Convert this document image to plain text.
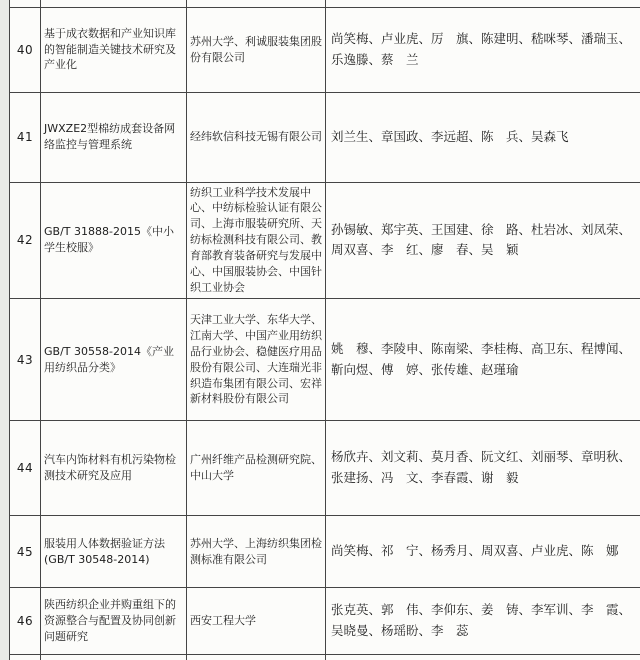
40	基于成衣数据和产业知识库的智能制造关键技术研究及产业化	苏州大学、利诚服装集团股份有限公司	尚笑梅、卢业虎、厉　旗、陈建明、嵇咪琴、潘瑞玉、乐逸滕、蔡　兰
41	JWXZE2型棉纺成套设备网络监控与管理系统	经纬软信科技无锡有限公司	刘兰生、章国政、李远超、陈　兵、吴森飞
42	GB/T 31888-2015《中小学生校服》	纺织工业科学技术发展中心、中纺标检验认证有限公司、上海市服装研究所、天纺标检测科技有限公司、教育部教育装备研究与发展中心、中国服装协会、中国针织工业协会	孙锡敏、郑宇英、王国建、徐　路、杜岩冰、刘凤荣、周双喜、李　红、廖　春、吴　颖
43	GB/T 30558-2014《产业用纺织品分类》	天津工业大学、东华大学、江南大学、中国产业用纺织品行业协会、稳健医疗用品股份有限公司、大连瑞光非织造布集团有限公司、宏祥新材料股份有限公司	姚　穆、李陵申、陈南梁、李桂梅、高卫东、程博闻、靳向煜、傅　婷、张传雄、赵瑾瑜
44	汽车内饰材料有机污染物检测技术研究及应用	广州纤维产品检测研究院、中山大学	杨欣卉、刘文莉、莫月香、阮文红、刘丽琴、章明秋、张建扬、冯　文、李春霞、谢　毅
45	服装用人体数据验证方法(GB/T 30548-2014)	苏州大学、上海纺织集团检测标准有限公司	尚笑梅、祁　宁、杨秀月、周双喜、卢业虎、陈　娜
46	陕西纺织企业并购重组下的资源整合与配置及协同创新问题研究	西安工程大学	张克英、郭　伟、李仰东、姜　铸、李军训、李　霞、吴晓曼、杨瑶盼、李　蕊
